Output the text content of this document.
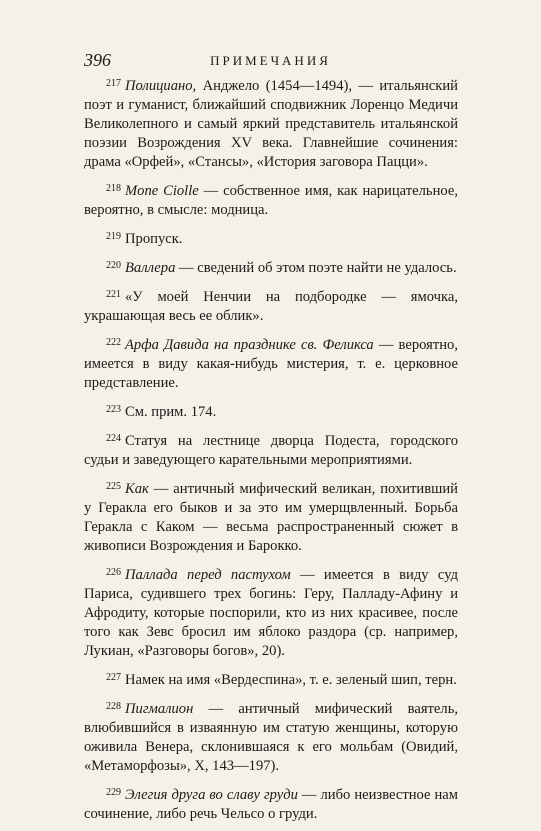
396	ПРИМЕЧАНИЯ

$^{217}$ Полициано, Анджело (1454—1494), — итальянский поэт и гуманист, ближайший сподвижник Лоренцо Медичи Великолепного и самый яркий представитель итальянской поэзии Возрождения XV века. Главнейшие сочинения: драма «Орфей», «Стансы», «История заговора Пацци».

$^{218}$ Mone Ciolle — собственное имя, как нарицательное, вероятно, в смысле: модница.

$^{219}$ Пропуск.

$^{220}$ Валлера — сведений об этом поэте найти не удалось.

$^{221}$ «У моей Ненчии на подбородке — ямочка, украшающая весь ее облик».

$^{222}$ Арфа Давида на празднике св. Феликса — вероятно, имеется в виду какая-нибудь мистерия, т. е. церковное представление.

$^{223}$ См. прим. 174.

$^{224}$ Статуя на лестнице дворца Подеста, городского судьи и заведующего карательными мероприятиями.

$^{225}$ Как — античный мифический великан, похитивший у Геракла его быков и за это им умерщвленный. Борьба Геракла с Каком — весьма распространенный сюжет в живописи Возрождения и Барокко.

$^{226}$ Паллада перед пастухом — имеется в виду суд Париса, судившего трех богинь: Геру, Палладу-Афину и Афродиту, которые поспорили, кто из них красивее, после того как Зевс бросил им яблоко раздора (ср. например, Лукиан, «Разговоры богов», 20).

$^{227}$ Намек на имя «Вердеспина», т. е. зеленый шип, терн.

$^{228}$ Пигмалион — античный мифический ваятель, влюбившийся в изваянную им статую женщины, которую оживила Венера, склонившаяся к его мольбам (Овидий, «Метаморфозы», X, 143—197).

$^{229}$ Элегия друга во славу груди — либо неизвестное нам сочинение, либо речь Чельсо о груди.
